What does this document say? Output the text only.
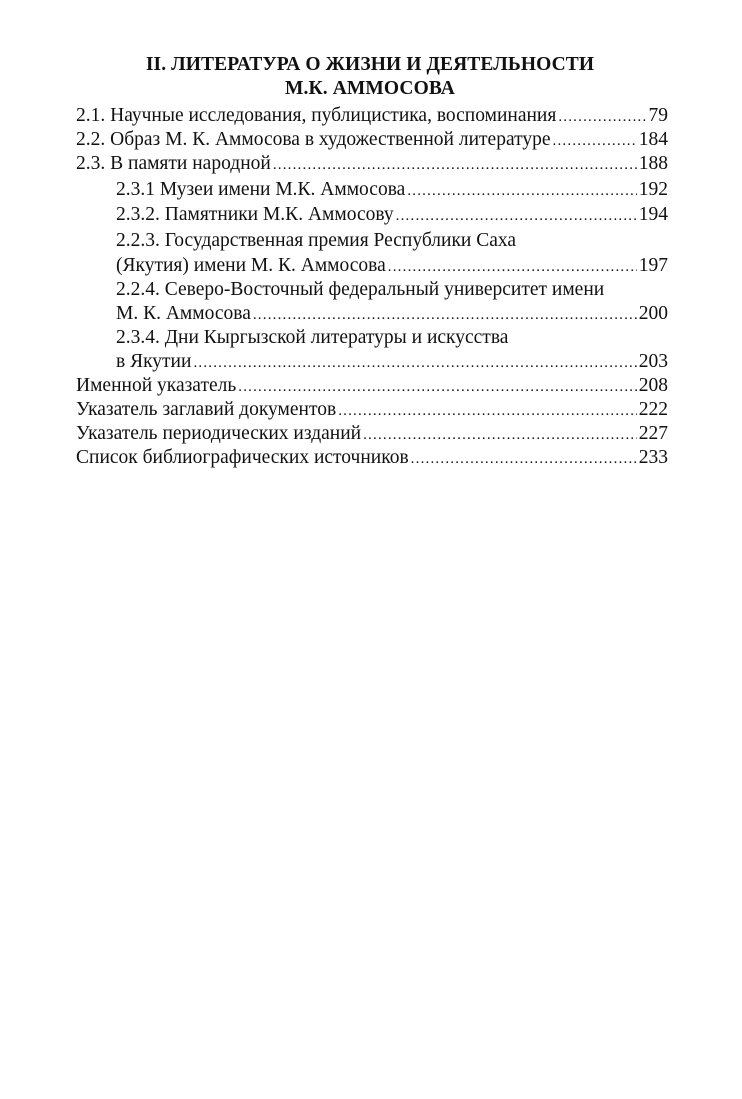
II. ЛИТЕРАТУРА О ЖИЗНИ И ДЕЯТЕЛЬНОСТИ
М.К. АММОСОВА
2.1. Научные исследования, публицистика, воспоминания .....	79
2.2. Образ М. К. Аммосова в художественной литературе .....	184
2.3. В памяти народной .....	188
2.3.1 Музеи имени М.К. Аммосова .....	192
2.3.2. Памятники М.К. Аммосову .....	194
2.2.3. Государственная премия Республики Саха
(Якутия) имени М. К. Аммосова .....	197
2.2.4. Северо-Восточный федеральный университет имени
М. К. Аммосова .....	200
2.3.4. Дни Кыргызской литературы и искусства
в Якутии .....	203
Именной указатель .....	208
Указатель заглавий документов .....	222
Указатель периодических изданий .....	227
Список библиографических источников .....	233
